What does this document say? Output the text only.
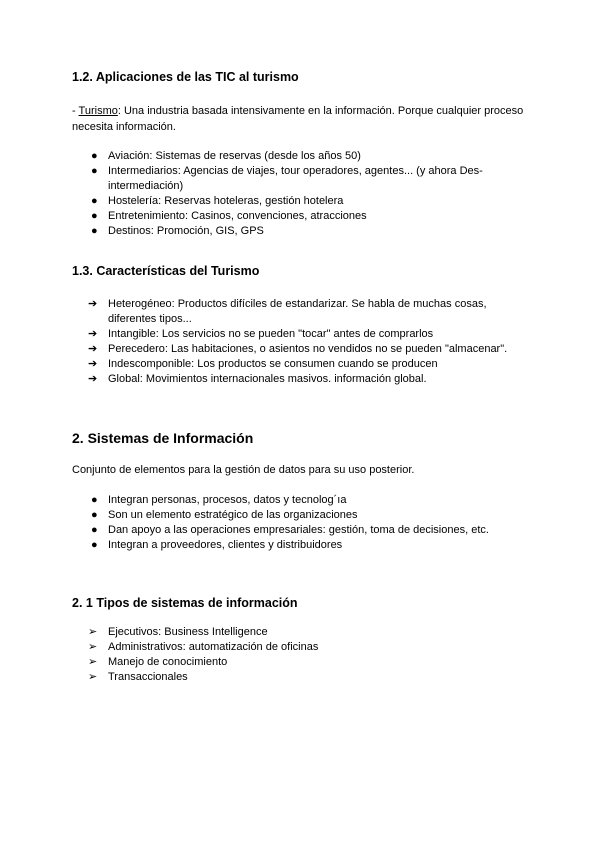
1.2. Aplicaciones de las TIC al turismo

- Turismo: Una industria basada intensivamente en la información. Porque cualquier proceso necesita información.

● Aviación: Sistemas de reservas (desde los años 50)
● Intermediarios: Agencias de viajes, tour operadores, agentes... (y ahora Des-intermediación)
● Hostelería: Reservas hoteleras, gestión hotelera
● Entretenimiento: Casinos, convenciones, atracciones
● Destinos: Promoción, GIS, GPS
1.3. Características del Turismo
➔ Heterogéneo: Productos difíciles de estandarizar. Se habla de muchas cosas, diferentes tipos...
➔ Intangible: Los servicios no se pueden "tocar" antes de comprarlos
➔ Perecedero: Las habitaciones, o asientos no vendidos no se pueden "almacenar".
➔ Indescomponible: Los productos se consumen cuando se producen
➔ Global: Movimientos internacionales masivos. información global.
2. Sistemas de Información

Conjunto de elementos para la gestión de datos para su uso posterior.

● Integran personas, procesos, datos y tecnolog´ıa
● Son un elemento estratégico de las organizaciones
● Dan apoyo a las operaciones empresariales: gestión, toma de decisiones, etc.
● Integran a proveedores, clientes y distribuidores
2. 1 Tipos de sistemas de información
➢ Ejecutivos: Business Intelligence
➢ Administrativos: automatización de oficinas
➢ Manejo de conocimiento
➢ Transaccionales
